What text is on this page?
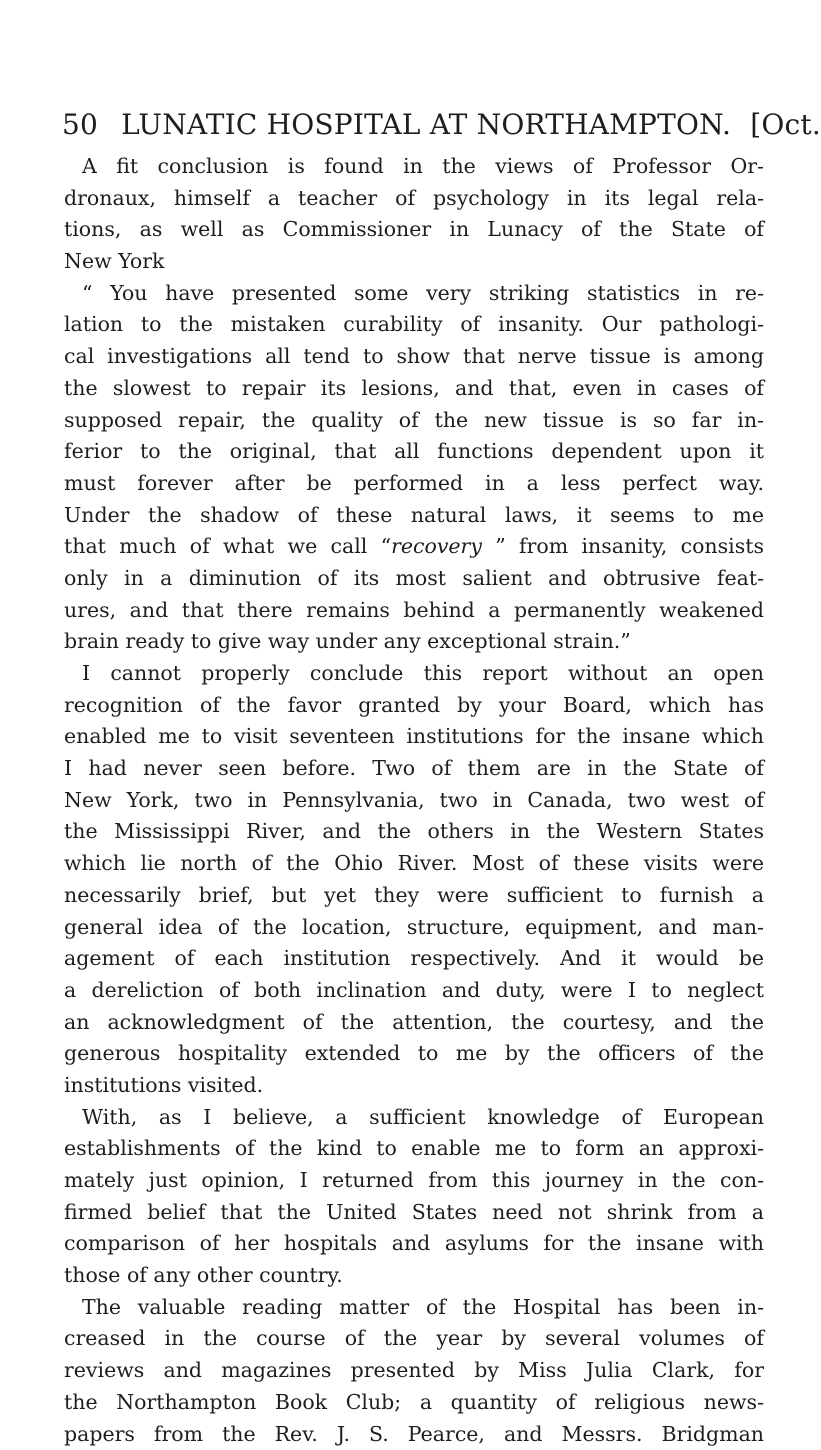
50 LUNATIC HOSPITAL AT NORTHAMPTON. [Oct.
A fit conclusion is found in the views of Professor Or-
dronaux, himself a teacher of psychology in its legal rela-
tions, as well as Commissioner in Lunacy of the State of
New York
“ You have presented some very striking statistics in re-
lation to the mistaken curability of insanity. Our pathologi-
cal investigations all tend to show that nerve tissue is among
the slowest to repair its lesions, and that, even in cases of
supposed repair, the quality of the new tissue is so far in-
ferior to the original, that all functions dependent upon it
must forever after be performed in a less perfect way.
Under the shadow of these natural laws, it seems to me
that much of what we call “recovery ” from insanity, consists
only in a diminution of its most salient and obtrusive feat-
ures, and that there remains behind a permanently weakened
brain ready to give way under any exceptional strain.”
I cannot properly conclude this report without an open
recognition of the favor granted by your Board, which has
enabled me to visit seventeen institutions for the insane which
I had never seen before. Two of them are in the State of
New York, two in Pennsylvania, two in Canada, two west of
the Mississippi River, and the others in the Western States
which lie north of the Ohio River. Most of these visits were
necessarily brief, but yet they were sufficient to furnish a
general idea of the location, structure, equipment, and man-
agement of each institution respectively. And it would be
a dereliction of both inclination and duty, were I to neglect
an acknowledgment of the attention, the courtesy, and the
generous hospitality extended to me by the officers of the
institutions visited.
With, as I believe, a sufficient knowledge of European
establishments of the kind to enable me to form an approxi-
mately just opinion, I returned from this journey in the con-
firmed belief that the United States need not shrink from a
comparison of her hospitals and asylums for the insane with
those of any other country.
The valuable reading matter of the Hospital has been in-
creased in the course of the year by several volumes of
reviews and magazines presented by Miss Julia Clark, for
the Northampton Book Club; a quantity of religious news-
papers from the Rev. J. S. Pearce, and Messrs. Bridgman
